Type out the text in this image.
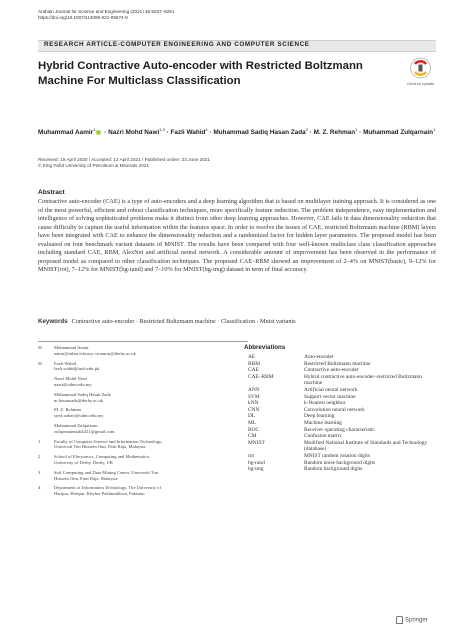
Arabian Journal for Science and Engineering (2021) 46:9237–9251
https://doi.org/10.1007/s13369-021-05674-9
RESEARCH ARTICLE-COMPUTER ENGINEERING AND COMPUTER SCIENCE
Hybrid Contractive Auto-encoder with Restricted Boltzmann Machine For Multiclass Classification	Check for updates
Muhammad Aamir$^1$ · Nazri Mohd Nawi$^{1,3}$ · Fazli Wahid$^4$ · Muhammad Sadiq Hasan Zada$^2$ · M. Z. Rehman$^1$ · Muhammad Zulqarnain$^1$
Received: 19 April 2020 / Accepted: 13 April 2021 / Published online: 23 June 2021
© King Fahd University of Petroleum & Minerals 2021
Abstract
Contractive auto-encoder (CAE) is a type of auto-encoders and a deep learning algorithm that is based on multilayer training approach. It is considered as one of the most powerful, efficient and robust classification techniques, more specifically feature reduction. The problem independence, easy implementation and intelligence of solving sophisticated problems make it distinct from other deep learning approaches. However, CAE fails in data dimensionality reduction that cause difficulty to capture the useful information within the features space. In order to resolve the issues of CAE, restricted Boltzmann machine (RBM) layers have been integrated with CAE to enhance the dimensionality reduction and a randomized factor for hidden layer parameters. The proposed model has been evaluated on four benchmark variant datasets of MNIST. The results have been compared with four well-known multiclass class classification approaches including standard CAE, RBM, AlexNet and artificial neural network. A considerable amount of improvement has been observed in the performance of proposed model as compared to other classification techniques. The proposed CAE–RBM showed an improvement of 2–4% on MNIST(basic), 9–12% for MNIST(rot), 7–12% for MNIST(bg-rand) and 7–10% for MNIST(bg-img) dataset in term of final accuracy.
Keywords Contractive auto-encoder · Restricted Boltzmann machine · Classification · Mnist variants
✉	Muhammad Aamir
aamir@uthm.edu.my; m.aamir@derby.ac.uk
✉	Fazli Wahid
fazli.wahid@uoh.edu.pk
Nazri Mohd Nawi
nazri@uthm.edu.my
Muhammad Sadiq Hasan Zada
m.hasanzada@derby.ac.uk
M. Z. Rehman
syed.zubair@uthm.edu.my
Muhammad Zulqarnain
zulqarnainmalik321@gmail.com
1	Faculty of Computer Science and Information Technology,
Universiti Tun Hussein Onn, Parit Raja, Malaysia
2	School of Electronics, Computing and Mathematics,
University of Derby, Derby, UK
3	Soft Computing and Data Mining Center, Universiti Tun
Hussein Onn, Parit Raja, Malaysia
4	Department of Information Technology, The University of
Haripur, Haripur, Khyber Pakhtunkhwa, Pakistan
Abbreviations
AE	Auto-encoder
RBM	Restricted Boltzmann machine
CAE	Contractive auto-encoder
CAE–RBM	Hybrid contractive auto-encoder–restricted Boltzmann machine
ANN	Artificial neural network
SVM	Support vector machine
kNN	k-Nearest neighbor
CNN	Convolution neural network
DL	Deep learning
ML	Machine learning
ROC	Receiver operating characteristic
CM	Confusion matrix
MNIST	Modified National Institute of Standards and Technology (database)
rot	MNIST random rotation digits
bg-rand	Random noise background digits
bg-img	Random background digits
Springer
